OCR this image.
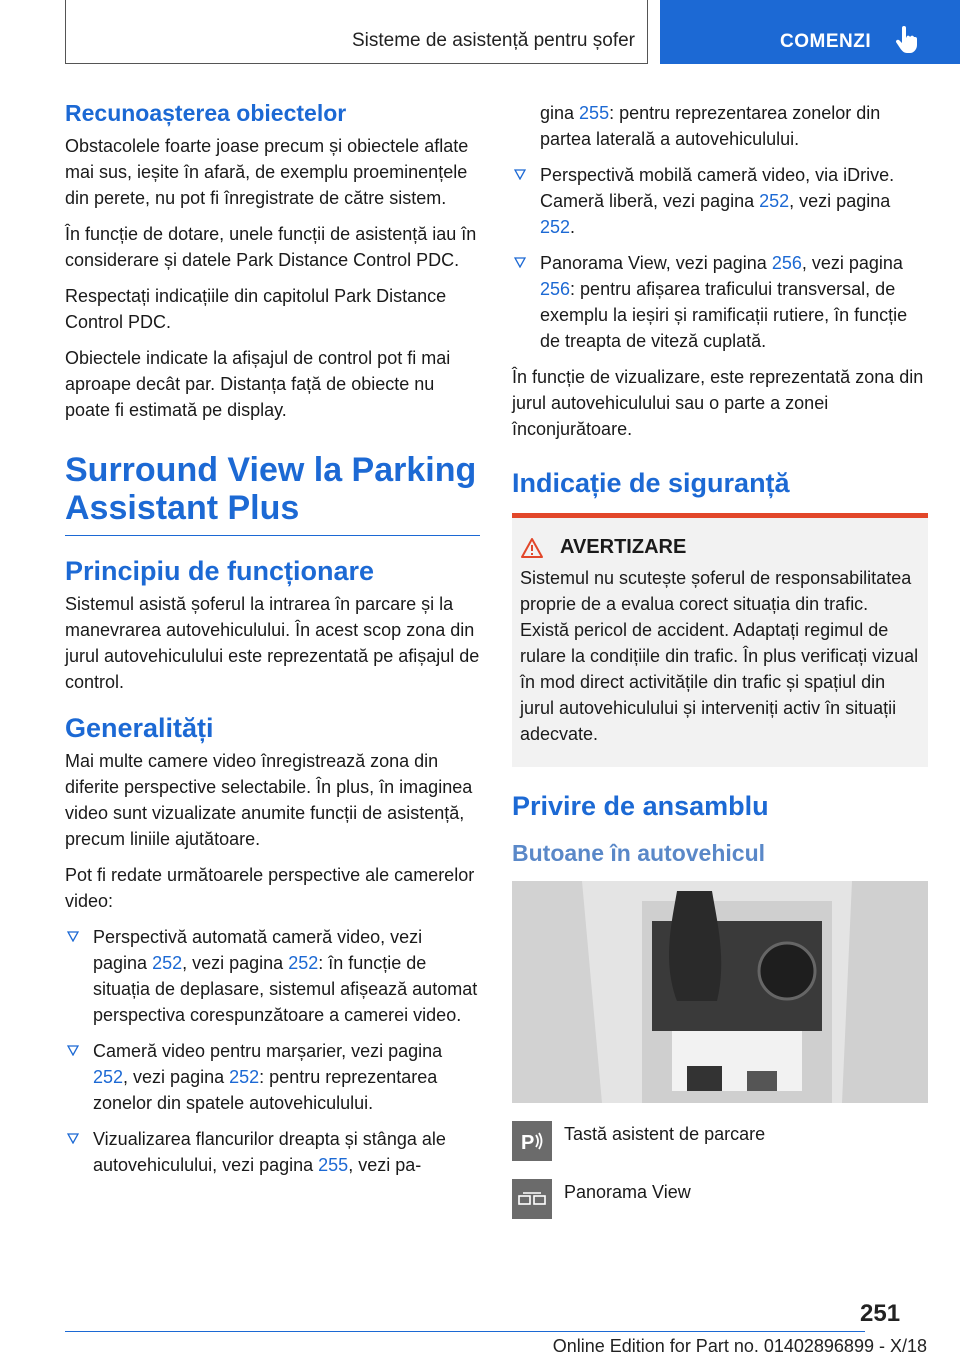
Sisteme de asistență pentru șofer	COMENZI
Recunoașterea obiectelor

Obstacolele foarte joase precum și obiectele aflate mai sus, ieșite în afară, de exemplu proeminențele din perete, nu pot fi înregistrate de către sistem.

În funcție de dotare, unele funcții de asistență iau în considerare și datele Park Distance Control PDC.

Respectați indicațiile din capitolul Park Distance Control PDC.

Obiectele indicate la afișajul de control pot fi mai aproape decât par. Distanța față de obiecte nu poate fi estimată pe display.

Surround View la Parking Assistant Plus
Principiu de funcționare

Sistemul asistă șoferul la intrarea în parcare și la manevrarea autovehiculului. În acest scop zona din jurul autovehiculului este reprezentată pe afișajul de control.

Generalități

Mai multe camere video înregistrează zona din diferite perspective selectabile. În plus, în imaginea video sunt vizualizate anumite funcții de asistență, precum liniile ajutătoare.

Pot fi redate următoarele perspective ale camerelor video:

Perspectivă automată cameră video, vezi pagina 252, vezi pagina 252: în funcție de situația de deplasare, sistemul afișează automat perspectiva corespunzătoare a camerei video.
Cameră video pentru marșarier, vezi pagina 252, vezi pagina 252: pentru reprezentarea zonelor din spatele autovehiculului.
Vizualizarea flancurilor dreapta și stânga ale autovehiculului, vezi pagina 255, vezi pa-
gina 255: pentru reprezentarea zonelor din partea laterală a autovehiculului.
Perspectivă mobilă cameră video, via iDrive. Cameră liberă, vezi pagina 252, vezi pagina 252.
Panorama View, vezi pagina 256, vezi pagina 256: pentru afișarea traficului transversal, de exemplu la ieșiri și ramificații rutiere, în funcție de treapta de viteză cuplată.

În funcție de vizualizare, este reprezentată zona din jurul autovehiculului sau o parte a zonei înconjurătoare.

Indicație de siguranță
AVERTIZARE

Sistemul nu scutește șoferul de responsabilitatea proprie de a evalua corect situația din trafic. Există pericol de accident. Adaptați regimul de rulare la condițiile din trafic. În plus verificați vizual în mod direct activitățile din trafic și spațiul din jurul autovehiculului și interveniți activ în situații adecvate.

Privire de ansamblu
Butoane în autovehicul
P Tastă asistent de parcare
Panorama View
251
Online Edition for Part no. 01402896899 - X/18
